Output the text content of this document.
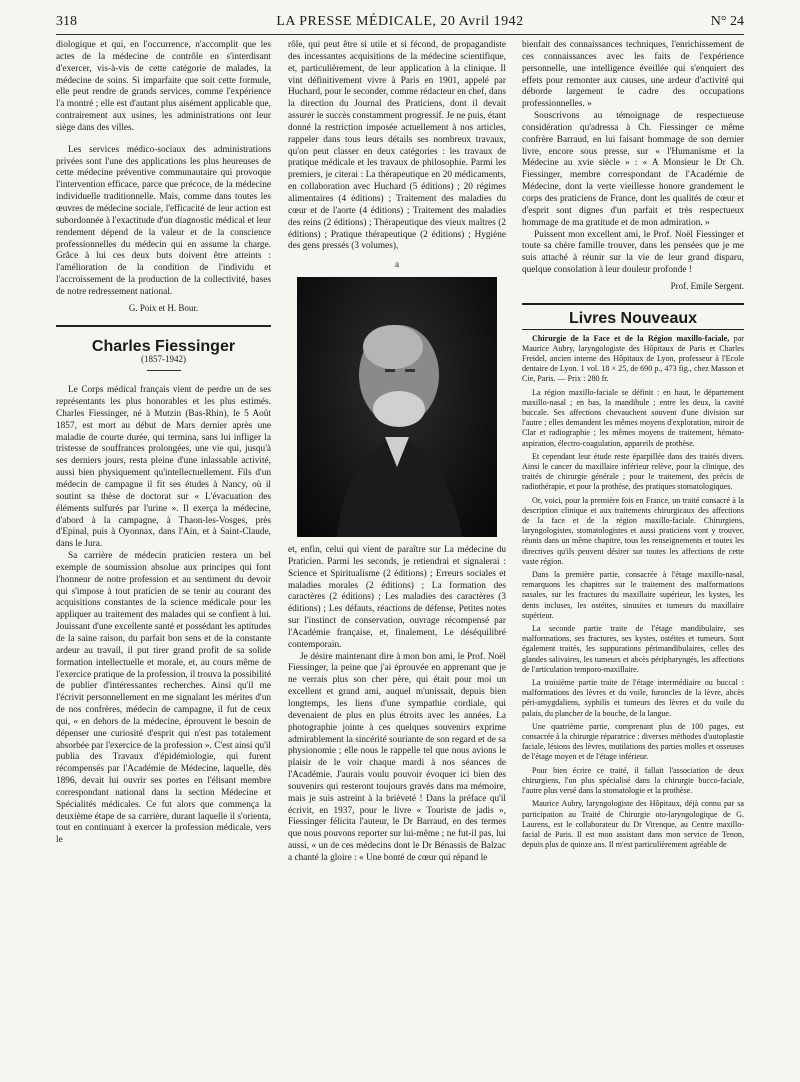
318	LA PRESSE MÉDICALE, 20 Avril 1942	N° 24

diologique et qui, en l'occurrence, n'accomplit que les actes de la médecine de contrôle en s'interdisant d'exercer, vis-à-vis de cette catégorie de malades, la médecine de soins. Si imparfaite que soit cette formule, elle peut rendre de grands services, comme l'expérience l'a montré ; elle est d'autant plus aisément applicable que, contrairement aux usines, les administrations ont leur siège dans des villes.

Les services médico-sociaux des administrations privées sont l'une des applications les plus heureuses de cette médecine préventive communautaire qui provoque l'intervention efficace, parce que précoce, de la médecine individuelle traditionnelle. Mais, comme dans toutes les œuvres de médecine sociale, l'efficacité de leur action est subordonnée à l'exactitude d'un diagnostic médical et leur rendement dépend de la valeur et de la conscience professionnelles du médecin qui en assume la charge. Grâce à lui ces deux buts doivent être atteints : l'amélioration de la condition de l'individu et l'accroissement de la production de la collectivité, bases de notre redressement national.

G. Poix et H. Bour.
Charles Fiessinger
(1857-1942)

Le Corps médical français vient de perdre un de ses représentants les plus honorables et les plus estimés. Charles Fiessinger, né à Mutzin (Bas-Rhin), le 5 Août 1857, est mort au début de Mars dernier après une maladie de courte durée, qui termina, sans lui infliger la tristesse de souffrances prolongées, une vie qui, jusqu'à ses derniers jours, resta pleine d'une inlassable activité, aussi bien physiquement qu'intellectuellement. Fils d'un médecin de campagne il fit ses études à Nancy, où il soutint sa thèse de doctorat sur « L'évacuation des éléments sulfurés par l'urine ». Il exerça la médecine, d'abord à la campagne, à Thaon-les-Vosges, près d'Epinal, puis à Oyonnax, dans l'Ain, et à Saint-Claude, dans le Jura.

Sa carrière de médecin praticien restera un bel exemple de soumission absolue aux principes qui font l'honneur de notre profession et au sentiment du devoir qui s'impose à tout praticien de se tenir au courant des acquisitions constantes de la science médicale pour les appliquer au traitement des malades qui se confient à lui. Jouissant d'une excellente santé et possédant les aptitudes de la saine raison, du parfait bon sens et de la constante ardeur au travail, il put tirer grand profit de sa solide formation intellectuelle et morale, et, au cours même de l'exercice pratique de la profession, il trouva la possibilité de publier d'intéressantes recherches. Ainsi qu'il me l'écrivit personnellement en me signalant les mérites d'un de nos confrères, médecin de campagne, il fut de ceux qui, « en dehors de la médecine, éprouvent le besoin de dépenser une curiosité d'esprit qui n'est pas totalement absorbée par l'exercice de la profession ». C'est ainsi qu'il publia des Travaux d'épidémiologie, qui furent récompensés par l'Académie de Médecine, laquelle, dès 1896, devait lui ouvrir ses portes en l'élisant membre correspondant national dans la section Médecine et Spécialités médicales. Ce fut alors que commença la deuxième étape de sa carrière, durant laquelle il s'orienta, tout en continuant à exercer la profession médicale, vers le

rôle, qui peut être si utile et si fécond, de propagandiste des incessantes acquisitions de la médecine scientifique, et, particulièrement, de leur application à la clinique. Il vint définitivement vivre à Paris en 1901, appelé par Huchard, pour le seconder, comme rédacteur en chef, dans la direction du Journal des Praticiens, dont il devait assurer le succès constamment progressif. Je ne puis, étant donné la restriction imposée actuellement à nos articles, rappeler dans tous leurs détails ses nombreux travaux, qu'on peut classer en deux catégories : les travaux de pratique médicale et les travaux de philosophie. Parmi les premiers, je citerai : La thérapeutique en 20 médicaments, en collaboration avec Huchard (5 éditions) ; 20 régimes alimentaires (4 éditions) ; Traitement des maladies du cœur et de l'aorte (4 éditions) ; Traitement des maladies des reins (2 éditions) ; Thérapeutique des vieux maîtres (2 éditions) ; Pratique thérapeutique (2 éditions) ; Hygiène des gens pressés (3 volumes),

a

et, enfin, celui qui vient de paraître sur La médecine du Praticien. Parmi les seconds, je retiendrai et signalerai : Science et Spiritualisme (2 éditions) ; Erreurs sociales et maladies morales (2 éditions) ; La formation des caractères (2 éditions) ; Les maladies des caractères (3 éditions) ; Les défauts, réactions de défense, Petites notes sur l'instinct de conservation, ouvrage récompensé par l'Académie française, et, finalement, Le déséquilibré contemporain.

Je désire maintenant dire à mon bon ami, le Prof. Noël Fiessinger, la peine que j'ai éprouvée en apprenant que je ne verrais plus son cher père, qui était pour moi un excellent et grand ami, auquel m'unissait, depuis bien longtemps, les liens d'une sympathie cordiale, qui devenaient de plus en plus étroits avec les années. La photographie jointe à ces quelques souvenirs exprime admirablement la sincérité souriante de son regard et de sa physionomie ; elle nous le rappelle tel que nous avions le plaisir de le voir chaque mardi à nos séances de l'Académie. J'aurais voulu pouvoir évoquer ici bien des souvenirs qui resteront toujours gravés dans ma mémoire, mais je suis astreint à la brièveté ! Dans la préface qu'il écrivit, en 1937, pour le livre « Touriste de jadis », Fiessinger félicita l'auteur, le Dr Barraud, en des termes que nous pouvons reporter sur lui-même ; ne fut-il pas, lui aussi, « un de ces médecins dont le Dr Bénassis de Balzac a chanté la gloire : « Une bonté de cœur qui répand le

bienfait des connaissances techniques, l'enrichissement de ces connaissances avec les faits de l'expérience personnelle, une intelligence éveillée qui s'enquiert des effets pour remonter aux causes, une ardeur d'activité qui déborde largement le cadre des occupations professionnelles. »

Souscrivons au témoignage de respectueuse considération qu'adressa à Ch. Fiessinger ce même confrère Barraud, en lui faisant hommage de son dernier livre, encore sous presse, sur « l'Humanisme et la Médecine au xvie siècle » : « A Monsieur le Dr Ch. Fiessinger, membre correspondant de l'Académie de Médecine, dont la verte vieillesse honore grandement le corps des praticiens de France, dont les qualités de cœur et d'esprit sont dignes d'un parfait et très respectueux hommage de ma gratitude et de mon admiration. »

Puissent mon excellent ami, le Prof. Noël Fiessinger et toute sa chère famille trouver, dans les pensées que je me suis attaché à réunir sur la vie de leur grand disparu, quelque consolation à leur douleur profonde !

Prof. Emile Sergent.
Livres Nouveaux

Chirurgie de la Face et de la Région maxillo-faciale, par Maurice Aubry, laryngologiste des Hôpitaux de Paris et Charles Freidel, ancien interne des Hôpitaux de Lyon, professeur à l'Ecole dentaire de Lyon. 1 vol. 18 × 25, de 690 p., 473 fig., chez Masson et Cie, Paris. — Prix : 280 fr.

La région maxillo-faciale se définit : en haut, le département maxillo-nasal ; en bas, la mandibule ; entre les deux, la cavité buccale. Ses affections chevauchent souvent d'une division sur l'autre ; elles demandent les mêmes moyens d'exploration, miroir de Clar et radiographie ; les mêmes moyens de traitement, hémato-aspiration, électro-coagulation, appareils de prothèse.

Et cependant leur étude reste éparpillée dans des traités divers. Ainsi le cancer du maxillaire inférieur relève, pour la clinique, des traités de chirurgie générale ; pour le traitement, des précis de radiothérapie, et pour la prothèse, des pratiques stomatologiques.

Or, voici, pour la première fois en France, un traité consacré à la description clinique et aux traitements chirurgicaux des affections de la face et de la région maxillo-faciale. Chirurgiens, laryngologistes, stomatologistes et aussi praticiens vont y trouver, réunis dans un même chapitre, tous les renseignements et toutes les directives qu'ils peuvent désirer sur toutes les affections de cette vaste région.

Dans la première partie, consacrée à l'étage maxillo-nasal, remarquons les chapitres sur le traitement des malformations nasales, sur les fractures du maxillaire supérieur, les kystes, les dents incluses, les ostéites, sinusites et tumeurs du maxillaire supérieur.

La seconde partie traite de l'étage mandibulaire, ses malformations, ses fractures, ses kystes, ostéites et tumeurs. Sont également traités, les suppurations périmandibulaires, celles des glandes salivaires, les tumeurs et abcès péripharyngés, les affections de l'articulation temporo-maxillaire.

La troisième partie traite de l'étage intermédiaire ou buccal : malformations des lèvres et du voile, furoncles de la lèvre, abcès péri-amygdaliens, syphilis et tumeurs des lèvres et du voile du palais, du plancher de la bouche, de la langue.

Une quatrième partie, comprenant plus de 100 pages, est consacrée à la chirurgie réparatrice : diverses méthodes d'autoplastie faciale, lésions des lèvres, mutilations des parties molles et osseuses de l'étage moyen et de l'étage inférieur.

Pour bien écrire ce traité, il fallait l'association de deux chirurgiens, l'un plus spécialisé dans la chirurgie bucco-faciale, l'autre plus versé dans la stomatologie et la prothèse.

Maurice Aubry, laryngologiste des Hôpitaux, déjà connu par sa participation au Traité de Chirurgie oto-laryngologique de G. Laurens, est le collaborateur du Dr Virenque, au Centre maxillo-facial de Paris. Il est mon assistant dans mon service de Tenon, depuis plus de quinze ans. Il m'est particulièrement agréable de
